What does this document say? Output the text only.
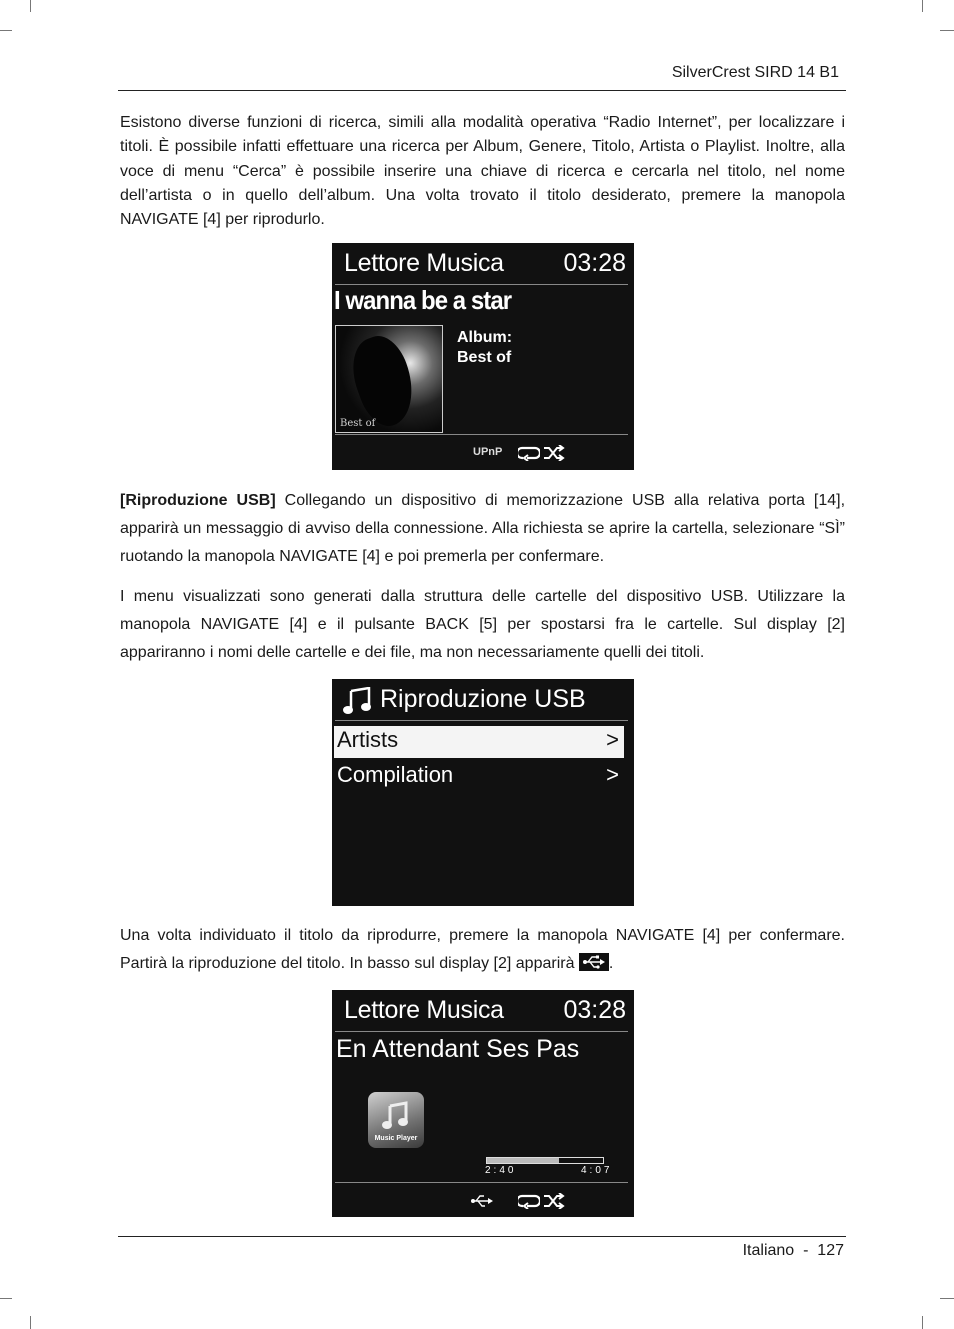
SilverCrest SIRD 14 B1

Esistono diverse funzioni di ricerca, simili alla modalità operativa “Radio Internet”, per localizzare i titoli. È possibile infatti effettuare una ricerca per Album, Genere, Titolo, Artista o Playlist. Inoltre, alla voce di menu “Cerca” è possibile inserire una chiave di ricerca e cercarla nel titolo, nel nome dell’artista o in quello dell’album. Una volta trovato il titolo desiderato, premere la manopola NAVIGATE [4] per riprodurlo.

Lettore Musica 03:28
I wanna be a star
Best of
Album:
Best of
UPnP

[Riproduzione USB] Collegando un dispositivo di memorizzazione USB alla relativa porta [14], apparirà un messaggio di avviso della connessione. Alla richiesta se aprire la cartella, selezionare “SÌ” ruotando la manopola NAVIGATE [4] e poi premerla per confermare.

I menu visualizzati sono generati dalla struttura delle cartelle del dispositivo USB. Utilizzare la manopola NAVIGATE [4] e il pulsante BACK [5] per spostarsi fra le cartelle. Sul display [2] appariranno i nomi delle cartelle e dei file, ma non necessariamente quelli dei titoli.

Riproduzione USB
Artists	>
Compilation	>

Una volta individuato il titolo da riprodurre, premere la manopola NAVIGATE [4] per confermare. Partirà la riproduzione del titolo. In basso sul display [2] apparirà
.

Lettore Musica 03:28
En Attendant Ses Pas
Music Player
2:40	4:07
Italiano  -  127
